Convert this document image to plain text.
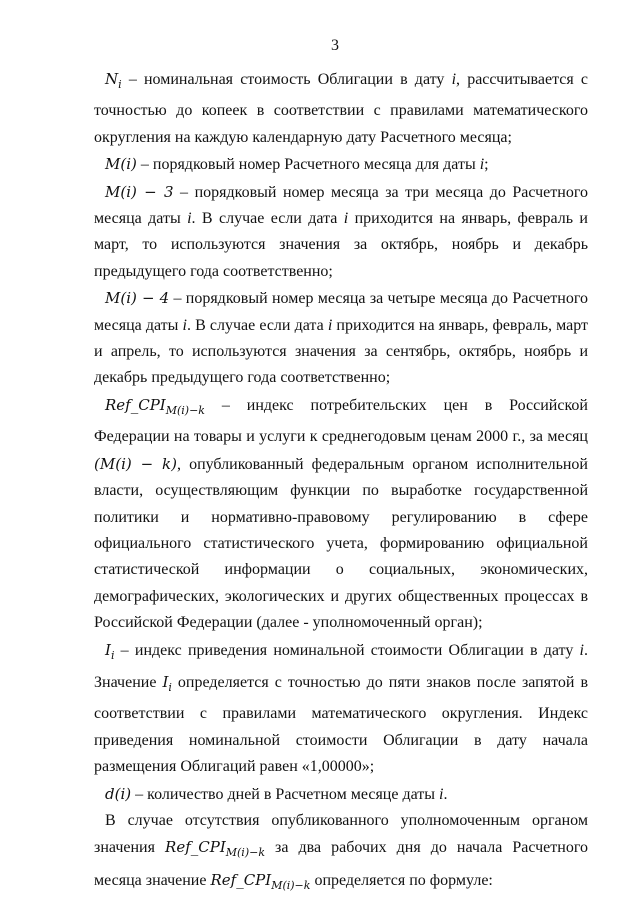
3

$N_i$ – номинальная стоимость Облигации в дату i, рассчитывается с точностью до копеек в соответствии с правилами математического округления на каждую календарную дату Расчетного месяца;

M(i) – порядковый номер Расчетного месяца для даты i;

M(i) − 3 – порядковый номер месяца за три месяца до Расчетного месяца даты i. В случае если дата i приходится на январь, февраль и март, то используются значения за октябрь, ноябрь и декабрь предыдущего года соответственно;

M(i) − 4 – порядковый номер месяца за четыре месяца до Расчетного месяца даты i. В случае если дата i приходится на январь, февраль, март и апрель, то используются значения за сентябрь, октябрь, ноябрь и декабрь предыдущего года соответственно;

$Ref\_CPI_{M(i)-k}$ – индекс потребительских цен в Российской Федерации на товары и услуги к среднегодовым ценам 2000 г., за месяц (M(i) − k), опубликованный федеральным органом исполнительной власти, осуществляющим функции по выработке государственной политики и нормативно-правовому регулированию в сфере официального статистического учета, формированию официальной статистической информации о социальных, экономических, демографических, экологических и других общественных процессах в Российской Федерации (далее - уполномоченный орган);

$I_i$ – индекс приведения номинальной стоимости Облигации в дату i. Значение $I_i$ определяется с точностью до пяти знаков после запятой в соответствии с правилами математического округления. Индекс приведения номинальной стоимости Облигации в дату начала размещения Облигаций равен «1,00000»;

d(i) – количество дней в Расчетном месяце даты i.

В случае отсутствия опубликованного уполномоченным органом значения $Ref\_CPI_{M(i)-k}$ за два рабочих дня до начала Расчетного месяца значение $Ref\_CPI_{M(i)-k}$ определяется по формуле:
